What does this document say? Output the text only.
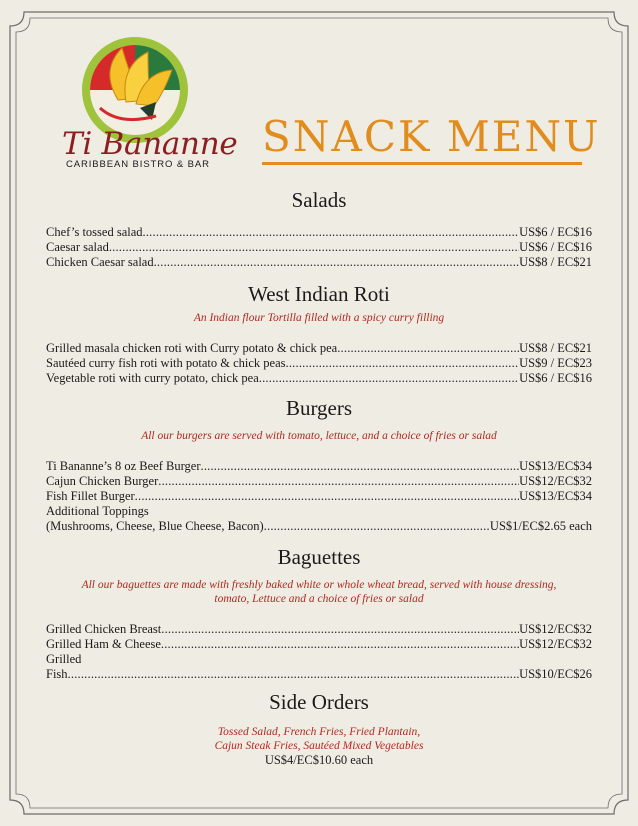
Ti Bananne
CARIBBEAN BISTRO & BAR
SNACK MENU
Salads
Chef’s tossed salad .....	US$6 / EC$16
Caesar salad .....	US$6 / EC$16
Chicken Caesar salad .....	US$8 / EC$21
West Indian Roti
An Indian flour Tortilla filled with a spicy curry filling
Grilled masala chicken roti with Curry potato & chick pea .....	US$8 / EC$21
Sautéed curry fish roti with potato & chick peas .....	US$9 / EC$23
Vegetable roti with curry potato, chick pea .....	US$6 / EC$16
Burgers
All our burgers are served with tomato, lettuce, and a choice of fries or salad
Ti Bananne’s 8 oz Beef Burger .....	US$13/EC$34
Cajun Chicken Burger .....	US$12/EC$32
Fish Fillet Burger .....	US$13/EC$34
Additional Toppings
(Mushrooms, Cheese, Blue Cheese, Bacon) .....	US$1/EC$2.65 each
Baguettes
All our baguettes are made with freshly baked white or whole wheat bread, served with house dressing,
tomato, Lettuce and a choice of fries or salad
Grilled Chicken Breast .....	US$12/EC$32
Grilled Ham & Cheese .....	US$12/EC$32
Grilled
Fish .....	US$10/EC$26
Side Orders
Tossed Salad, French Fries, Fried Plantain,
Cajun Steak Fries, Sautéed Mixed Vegetables
US$4/EC$10.60 each
